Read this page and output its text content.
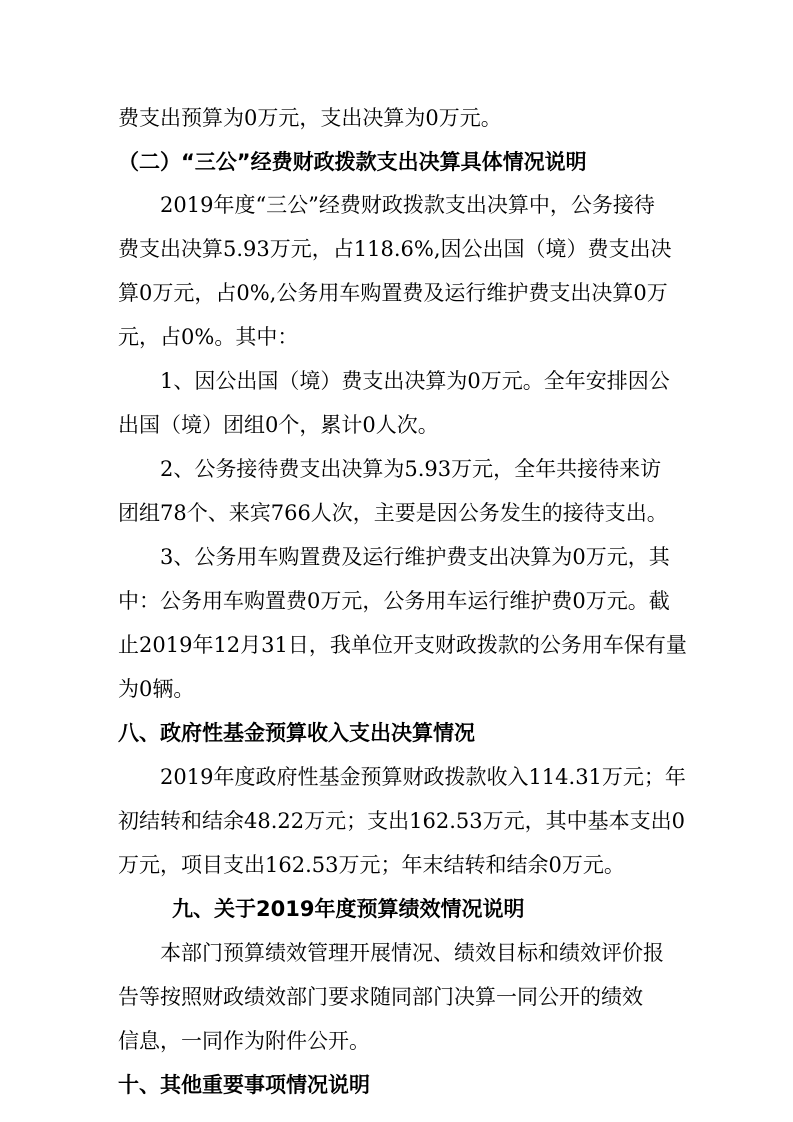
费支出预算为0万元，支出决算为0万元。
（二）“三公”经费财政拨款支出决算具体情况说明
2019年度“三公”经费财政拨款支出决算中，公务接待
费支出决算5.93万元，占118.6%,因公出国（境）费支出决
算0万元，占0%,公务用车购置费及运行维护费支出决算0万
元，占0%。其中：
1、因公出国（境）费支出决算为0万元。全年安排因公
出国（境）团组0个，累计0人次。
2、公务接待费支出决算为5.93万元，全年共接待来访
团组78个、来宾766人次，主要是因公务发生的接待支出。
3、公务用车购置费及运行维护费支出决算为0万元，其
中：公务用车购置费0万元，公务用车运行维护费0万元。截
止2019年12月31日，我单位开支财政拨款的公务用车保有量
为0辆。
八、政府性基金预算收入支出决算情况
2019年度政府性基金预算财政拨款收入114.31万元；年
初结转和结余48.22万元；支出162.53万元，其中基本支出0
万元，项目支出162.53万元；年末结转和结余0万元。
九、关于2019年度预算绩效情况说明
本部门预算绩效管理开展情况、绩效目标和绩效评价报
告等按照财政绩效部门要求随同部门决算一同公开的绩效
信息，一同作为附件公开。
十、其他重要事项情况说明
